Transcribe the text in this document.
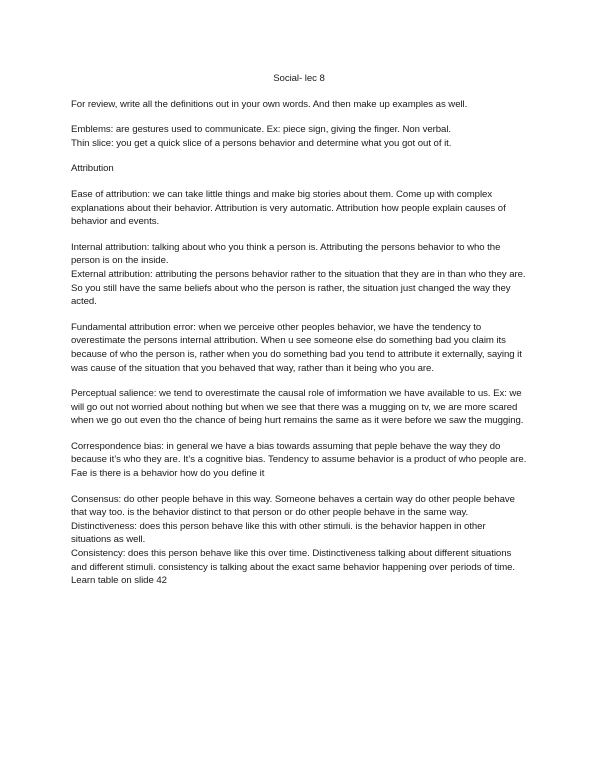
Social- lec 8
For review, write all the definitions out in your own words. And then make up examples as well.
Emblems: are gestures used to communicate. Ex: piece sign, giving the finger. Non verbal.
Thin slice: you get a quick slice of a persons behavior and determine what you got out of it.
Attribution
Ease of attribution: we can take little things and make big stories about them. Come up with complex explanations about their behavior. Attribution is very automatic. Attribution how people explain causes of behavior and events.
Internal attribution: talking about who you think a person is. Attributing the persons behavior to who the person is on the inside.
External attribution: attributing the persons behavior rather to the situation that they are in than who they are. So you still have the same beliefs about who the person is rather, the situation just changed the way they acted.
Fundamental attribution error: when we perceive other peoples behavior, we have the tendency to overestimate the persons internal attribution. When u see someone else do something bad you claim its because of who the person is, rather when you do something bad you tend to attribute it externally, saying it was cause of the situation that you behaved that way, rather than it being who you are.
Perceptual salience: we tend to overestimate the causal role of imformation we have available to us. Ex: we will go out not worried about nothing but when we see that there was a mugging on tv, we are more scared when we go out even tho the chance of being hurt remains the same as it were before we saw the mugging.
Correspondence bias: in general we have a bias towards assuming that peple behave the way they do because it’s who they are. It’s a cognitive bias. Tendency to assume behavior is a product of who people are. Fae is there is a behavior how do you define it
Consensus: do other people behave in this way. Someone behaves a certain way do other people behave that way too. is the behavior distinct to that person or do other people behave in the same way.
Distinctiveness: does this person behave like this with other stimuli. is the behavior happen in other situations as well.
Consistency: does this person behave like this over time. Distinctiveness talking about different situations and different stimuli. consistency is talking about the exact same behavior happening over periods of time.
Learn table on slide 42
